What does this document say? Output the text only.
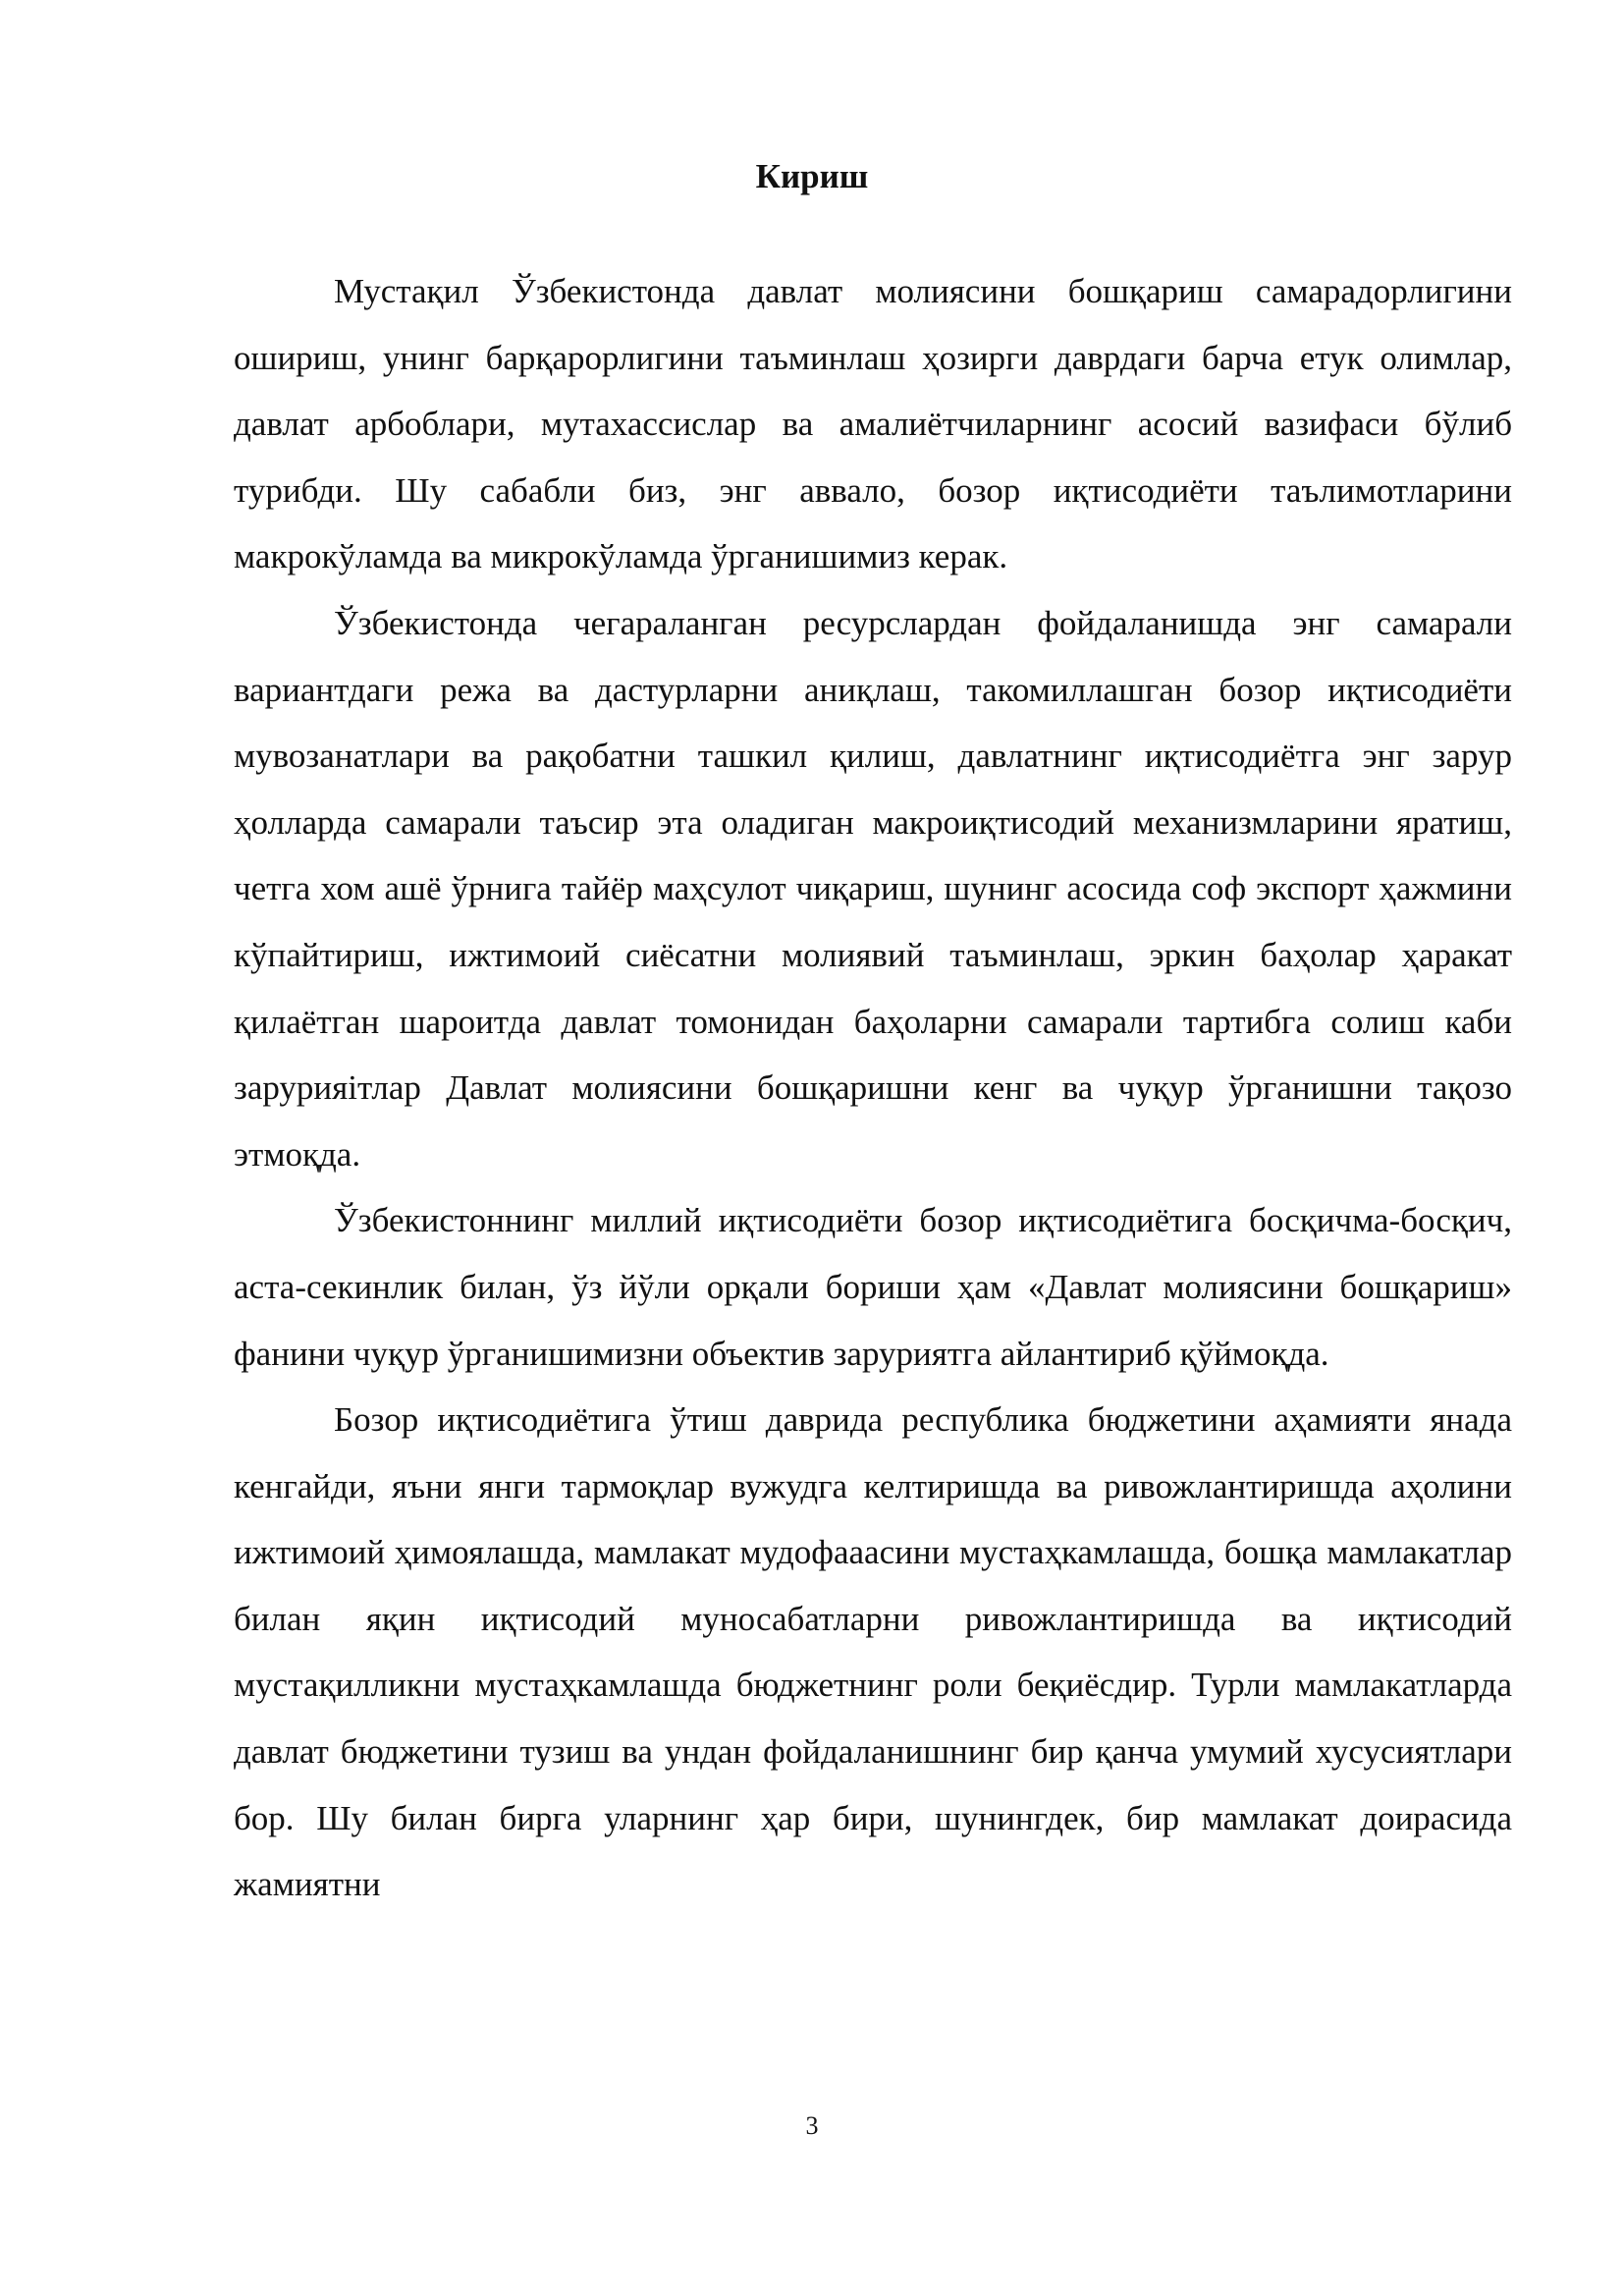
Кириш

Мустақил Ўзбекистонда давлат молиясини бошқариш самарадорлигини ошириш, унинг барқарорлигини таъминлаш ҳозирги даврдаги барча етук олимлар, давлат арбоблари, мутахассислар ва амалиётчиларнинг асосий вазифаси бўлиб турибди. Шу сабабли биз, энг аввало, бозор иқтисодиёти таълимотларини макрокўламда ва микрокўламда ўрганишимиз керак.

Ўзбекистонда чегараланган ресурслардан фойдаланишда энг самарали вариантдаги режа ва дастурларни аниқлаш, такомиллашган бозор иқтисодиёти мувозанатлари ва рақобатни ташкил қилиш, давлатнинг иқтисодиётга энг зарур ҳолларда самарали таъсир эта оладиган макроиқтисодий механизмларини яратиш, четга хом ашё ўрнига тайёр маҳсулот чиқариш, шунинг асосида соф экспорт ҳажмини кўпайтириш, ижтимоий сиёсатни молиявий таъминлаш, эркин баҳолар ҳаракат қилаётган шароитда давлат томонидан баҳоларни самарали тартибга солиш каби зарурияітлар Давлат молиясини бошқаришни кенг ва чуқур ўрганишни тақозо этмоқда.

Ўзбекистоннинг миллий иқтисодиёти бозор иқтисодиётига босқичма-босқич, аста-секинлик билан, ўз йўли орқали бориши ҳам «Давлат молиясини бошқариш» фанини чуқур ўрганишимизни объектив заруриятга айлантириб қўймоқда.

Бозор иқтисодиётига ўтиш даврида республика бюджетини аҳамияти янада кенгайди, яъни янги тармоқлар вужудга келтиришда ва ривожлантиришда аҳолини ижтимоий ҳимоялашда, мамлакат мудофааасини мустаҳкамлашда, бошқа мамлакатлар билан яқин иқтисодий муносабатларни ривожлантиришда ва иқтисодий мустақилликни мустаҳкамлашда бюджетнинг роли беқиёсдир. Турли мамлакатларда давлат бюджетини тузиш ва ундан фойдаланишнинг бир қанча умумий хусусиятлари бор. Шу билан бирга уларнинг ҳар бири, шунингдек, бир мамлакат доирасида жамиятни

3
